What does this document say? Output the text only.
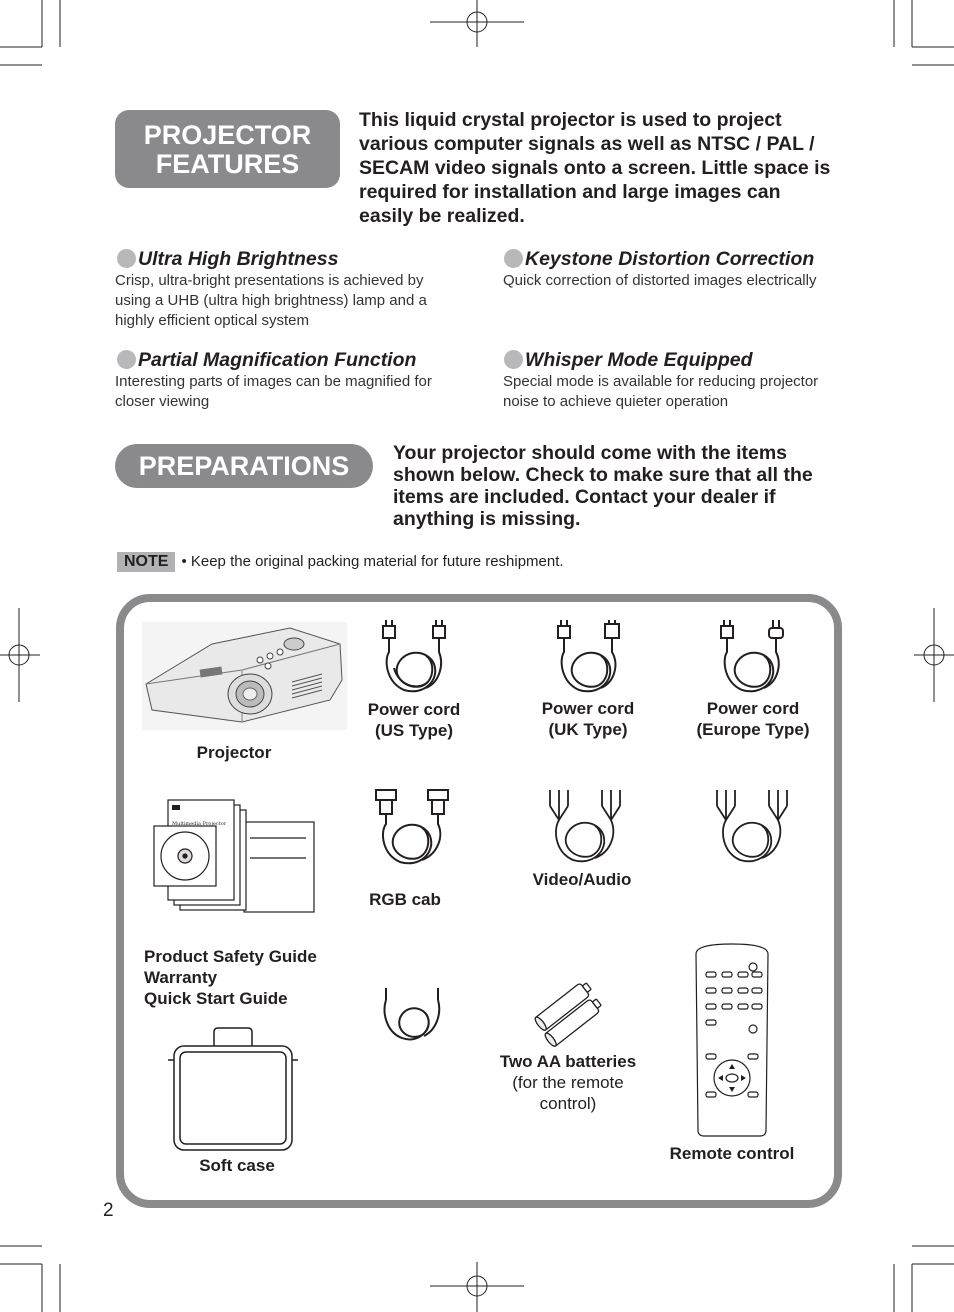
PROJECTOR
FEATURES
This liquid crystal projector is used to project various computer signals as well as NTSC / PAL / SECAM video signals onto a screen. Little space is required for installation and large images can easily be realized.
Ultra High Brightness
Crisp, ultra-bright presentations is achieved by using a UHB (ultra high brightness) lamp and a highly efficient optical system
Keystone Distortion Correction
Quick correction of distorted images electrically
Partial Magnification Function
Interesting parts of images can be magnified for closer viewing
Whisper Mode Equipped
Special mode is available for reducing projector noise to achieve quieter operation
PREPARATIONS	Your projector should come with the items shown below. Check to make sure that all the items are included. Contact your dealer if anything is missing.
NOTE • Keep the original packing material for future reshipment.
Projector
Power cord
(US Type)
Power cord
(UK Type)
Power cord
(Europe Type)
Multimedia Projector
Product Safety Guide
Warranty
Quick Start Guide
RGB cab
Video/Audio
Two AA batteries
(for the remote
control)
Soft case
Remote control
2
